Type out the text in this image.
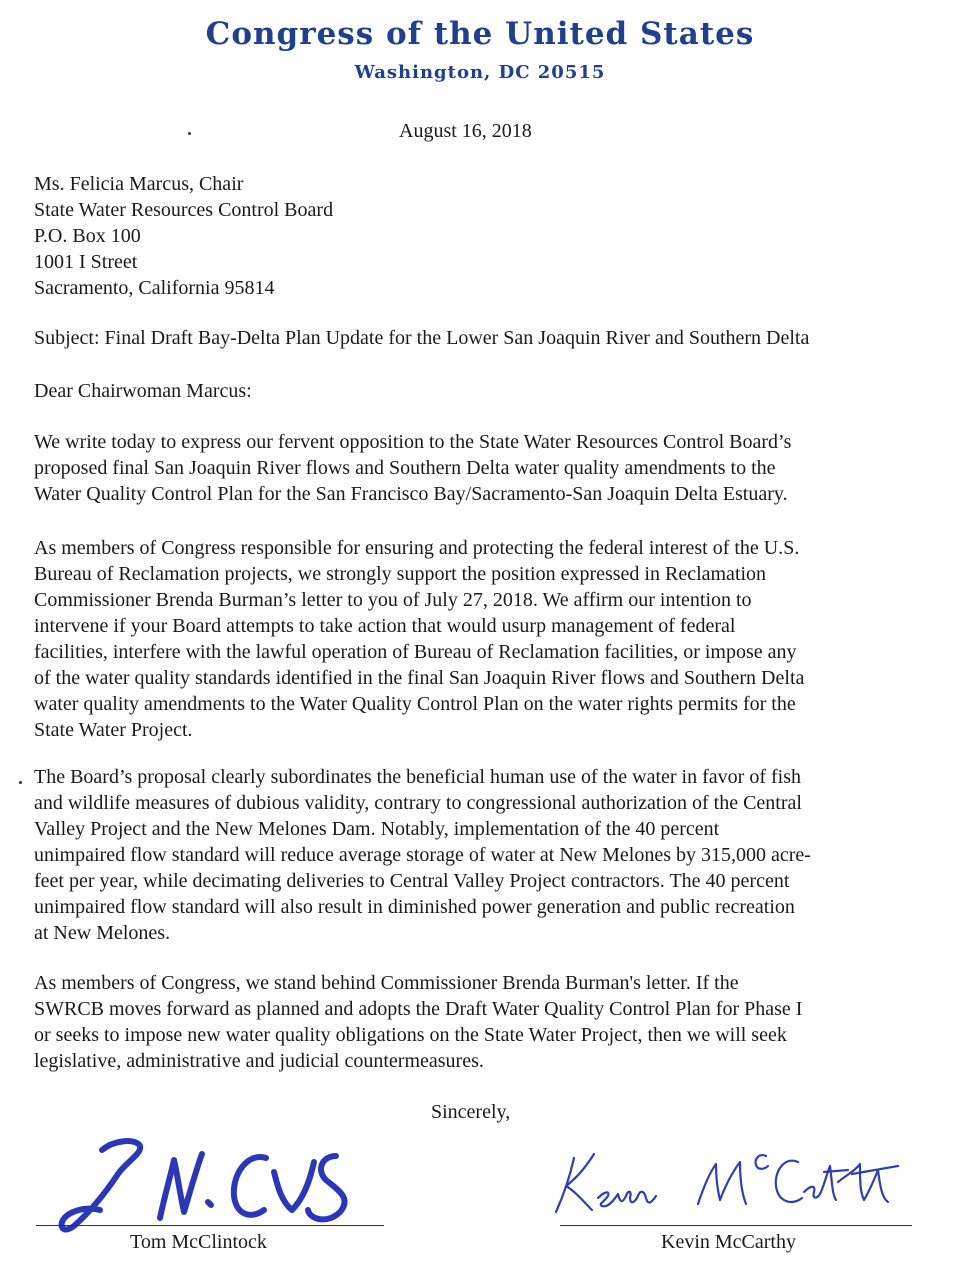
Congress of the United States
Washington, DC 20515
August 16, 2018
Ms. Felicia Marcus, Chair
State Water Resources Control Board
P.O. Box 100
1001 I Street
Sacramento, California 95814
Subject: Final Draft Bay-Delta Plan Update for the Lower San Joaquin River and Southern Delta
Dear Chairwoman Marcus:
We write today to express our fervent opposition to the State Water Resources Control Board’s
proposed final San Joaquin River flows and Southern Delta water quality amendments to the
Water Quality Control Plan for the San Francisco Bay/Sacramento-San Joaquin Delta Estuary.
As members of Congress responsible for ensuring and protecting the federal interest of the U.S.
Bureau of Reclamation projects, we strongly support the position expressed in Reclamation
Commissioner Brenda Burman’s letter to you of July 27, 2018. We affirm our intention to
intervene if your Board attempts to take action that would usurp management of federal
facilities, interfere with the lawful operation of Bureau of Reclamation facilities, or impose any
of the water quality standards identified in the final San Joaquin River flows and Southern Delta
water quality amendments to the Water Quality Control Plan on the water rights permits for the
State Water Project.
The Board’s proposal clearly subordinates the beneficial human use of the water in favor of fish
and wildlife measures of dubious validity, contrary to congressional authorization of the Central
Valley Project and the New Melones Dam. Notably, implementation of the 40 percent
unimpaired flow standard will reduce average storage of water at New Melones by 315,000 acre-
feet per year, while decimating deliveries to Central Valley Project contractors. The 40 percent
unimpaired flow standard will also result in diminished power generation and public recreation
at New Melones.
As members of Congress, we stand behind Commissioner Brenda Burman's letter. If the
SWRCB moves forward as planned and adopts the Draft Water Quality Control Plan for Phase I
or seeks to impose new water quality obligations on the State Water Project, then we will seek
legislative, administrative and judicial countermeasures.
Sincerely,
Tom McClintock	Kevin McCarthy
